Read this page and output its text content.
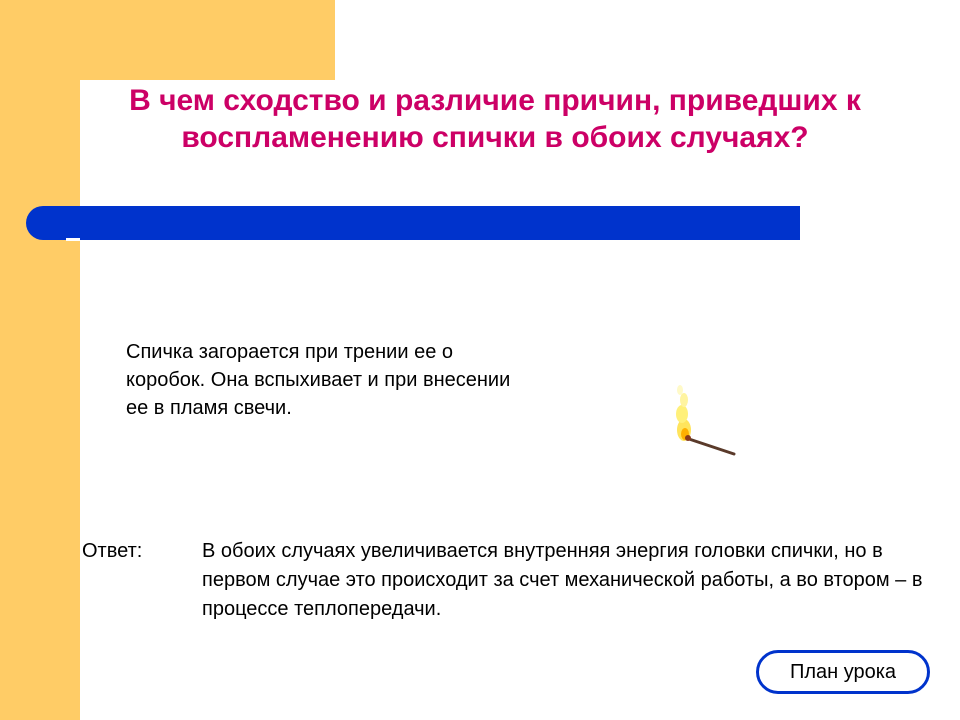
В чем сходство и различие причин, приведших к воспламенению спички в обоих случаях?

Спичка загорается при трении ее о коробок. Она вспыхивает и при внесении ее в пламя свечи.

Ответ:	В обоих случаях увеличивается внутренняя энергия головки спички, но в первом случае это происходит за счет механической работы, а во втором – в процессе теплопередачи.

План урока
